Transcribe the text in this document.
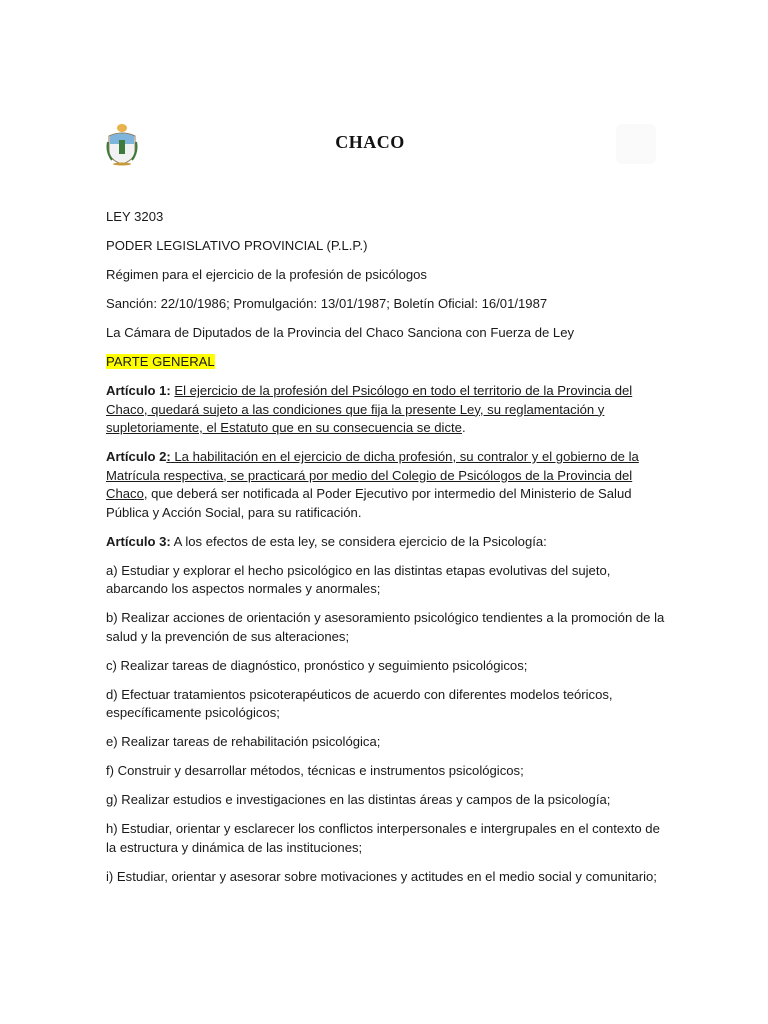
CHACO

LEY 3203

PODER LEGISLATIVO PROVINCIAL (P.L.P.)

Régimen para el ejercicio de la profesión de psicólogos

Sanción: 22/10/1986; Promulgación: 13/01/1987; Boletín Oficial: 16/01/1987

La Cámara de Diputados de la Provincia del Chaco Sanciona con Fuerza de Ley

PARTE GENERAL

Artículo 1: El ejercicio de la profesión del Psicólogo en todo el territorio de la Provincia del Chaco, quedará sujeto a las condiciones que fija la presente Ley, su reglamentación y supletoriamente, el Estatuto que en su consecuencia se dicte.

Artículo 2: La habilitación en el ejercicio de dicha profesión, su contralor y el gobierno de la Matrícula respectiva, se practicará por medio del Colegio de Psicólogos de la Provincia del Chaco, que deberá ser notificada al Poder Ejecutivo por intermedio del Ministerio de Salud Pública y Acción Social, para su ratificación.

Artículo 3: A los efectos de esta ley, se considera ejercicio de la Psicología:

a) Estudiar y explorar el hecho psicológico en las distintas etapas evolutivas del sujeto, abarcando los aspectos normales y anormales;

b) Realizar acciones de orientación y asesoramiento psicológico tendientes a la promoción de la salud y la prevención de sus alteraciones;

c) Realizar tareas de diagnóstico, pronóstico y seguimiento psicológicos;

d) Efectuar tratamientos psicoterapéuticos de acuerdo con diferentes modelos teóricos, específicamente psicológicos;

e) Realizar tareas de rehabilitación psicológica;

f) Construir y desarrollar métodos, técnicas e instrumentos psicológicos;

g) Realizar estudios e investigaciones en las distintas áreas y campos de la psicología;

h) Estudiar, orientar y esclarecer los conflictos interpersonales e intergrupales en el contexto de la estructura y dinámica de las instituciones;

i) Estudiar, orientar y asesorar sobre motivaciones y actitudes en el medio social y comunitario;
